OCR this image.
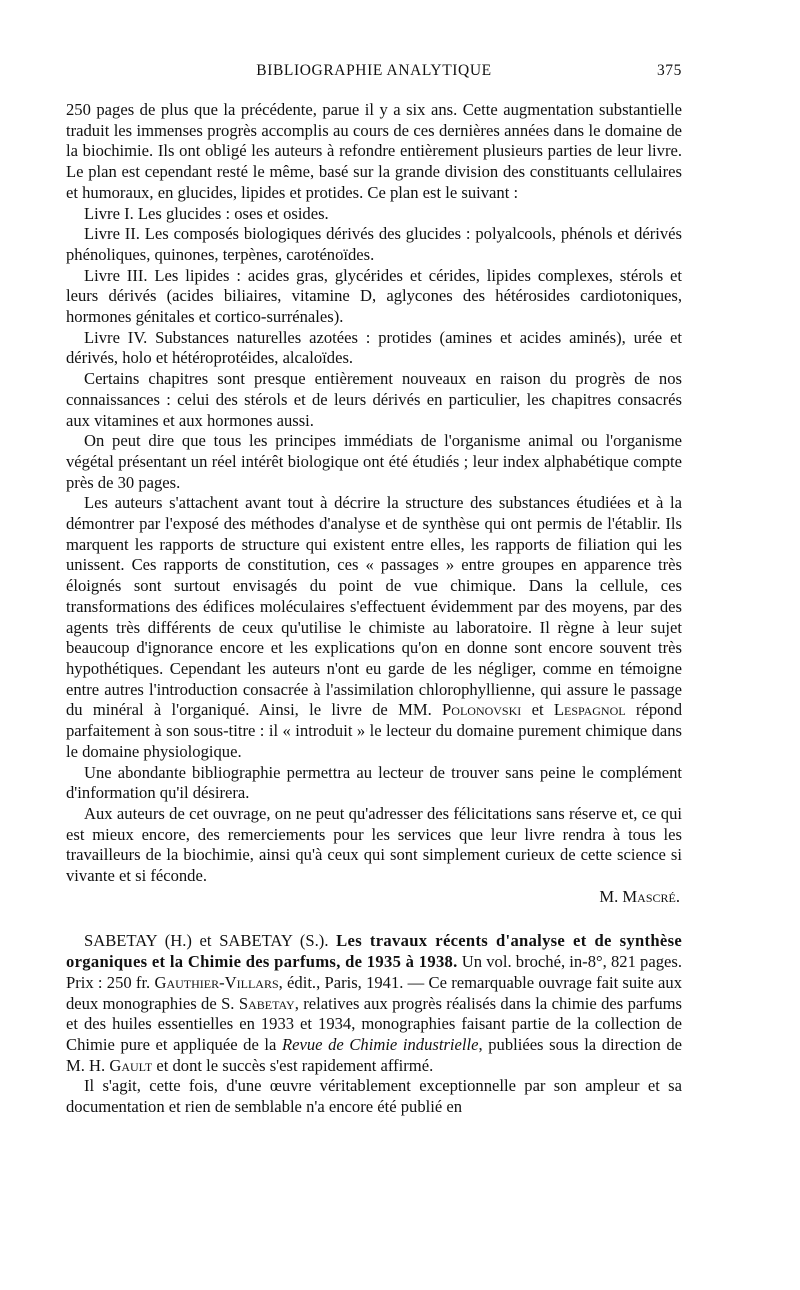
BIBLIOGRAPHIE ANALYTIQUE	375

250 pages de plus que la précédente, parue il y a six ans. Cette augmentation substantielle traduit les immenses progrès accomplis au cours de ces dernières années dans le domaine de la biochimie. Ils ont obligé les auteurs à refondre entièrement plusieurs parties de leur livre. Le plan est cependant resté le même, basé sur la grande division des constituants cellulaires et humoraux, en glucides, lipides et protides. Ce plan est le suivant :

Livre I. Les glucides : oses et osides.

Livre II. Les composés biologiques dérivés des glucides : polyalcools, phénols et dérivés phénoliques, quinones, terpènes, caroténoïdes.

Livre III. Les lipides : acides gras, glycérides et cérides, lipides complexes, stérols et leurs dérivés (acides biliaires, vitamine D, aglycones des hétérosides cardiotoniques, hormones génitales et cortico-surrénales).

Livre IV. Substances naturelles azotées : protides (amines et acides aminés), urée et dérivés, holo et hétéroprotéides, alcaloïdes.

Certains chapitres sont presque entièrement nouveaux en raison du progrès de nos connaissances : celui des stérols et de leurs dérivés en particulier, les chapitres consacrés aux vitamines et aux hormones aussi.

On peut dire que tous les principes immédiats de l'organisme animal ou l'organisme végétal présentant un réel intérêt biologique ont été étudiés ; leur index alphabétique compte près de 30 pages.

Les auteurs s'attachent avant tout à décrire la structure des substances étudiées et à la démontrer par l'exposé des méthodes d'analyse et de synthèse qui ont permis de l'établir. Ils marquent les rapports de structure qui existent entre elles, les rapports de filiation qui les unissent. Ces rapports de constitution, ces « passages » entre groupes en apparence très éloignés sont surtout envisagés du point de vue chimique. Dans la cellule, ces transformations des édifices moléculaires s'effectuent évidemment par des moyens, par des agents très différents de ceux qu'utilise le chimiste au laboratoire. Il règne à leur sujet beaucoup d'ignorance encore et les explications qu'on en donne sont encore souvent très hypothétiques. Cependant les auteurs n'ont eu garde de les négliger, comme en témoigne entre autres l'introduction consacrée à l'assimilation chlorophyllienne, qui assure le passage du minéral à l'organiqué. Ainsi, le livre de MM. Polonovski et Lespagnol répond parfaitement à son sous-titre : il « introduit » le lecteur du domaine purement chimique dans le domaine physiologique.

Une abondante bibliographie permettra au lecteur de trouver sans peine le complément d'information qu'il désirera.

Aux auteurs de cet ouvrage, on ne peut qu'adresser des félicitations sans réserve et, ce qui est mieux encore, des remerciements pour les services que leur livre rendra à tous les travailleurs de la biochimie, ainsi qu'à ceux qui sont simplement curieux de cette science si vivante et si féconde.

M. Mascré.

SABETAY (H.) et SABETAY (S.). Les travaux récents d'analyse et de synthèse organiques et la Chimie des parfums, de 1935 à 1938. Un vol. broché, in-8°, 821 pages. Prix : 250 fr. Gauthier-Villars, édit., Paris, 1941. — Ce remarquable ouvrage fait suite aux deux monographies de S. Sabetay, relatives aux progrès réalisés dans la chimie des parfums et des huiles essentielles en 1933 et 1934, monographies faisant partie de la collection de Chimie pure et appliquée de la Revue de Chimie industrielle, publiées sous la direction de M. H. Gault et dont le succès s'est rapidement affirmé.

Il s'agit, cette fois, d'une œuvre véritablement exceptionnelle par son ampleur et sa documentation et rien de semblable n'a encore été publié en
